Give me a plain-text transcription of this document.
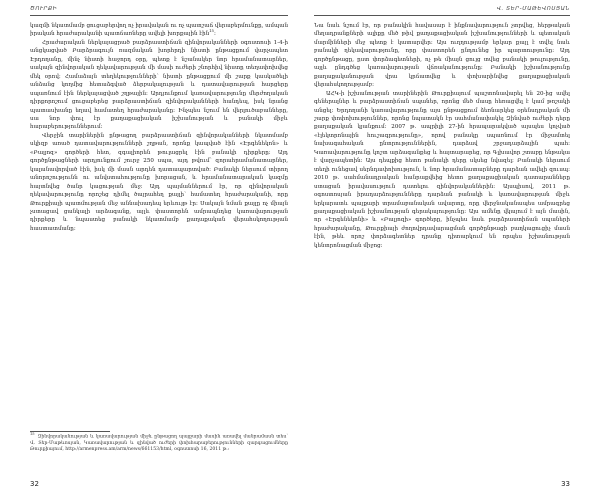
ԾՈՒՐՔԻ

կազմի նկատմամբ ցուցաբերվող ոչ իրավական ու ոչ պատշաճ վերաբերմունքը, ամպան իրական հրաժարականի պատճառները ավելի խորքային էին$^{15}$:

Հրաժարական ներկայացրած բարձրաստիճան զինվորականների օգոստոսի 1-4-ի անցկացված Բարձրագույն ռազմական խորհրդի նիստի ընթացքում վարչապետ Էրդողանը, մինչ նիստի հաջորդ օրը, պետք է նշանակեր նոր հրամանատարներ, սակայն զինվորական ղեկավարության մի մասի ուժերի շնորհիվ նիստը տեղափոխվեց մեկ օրով: Համաձայն տեղեկությունների՝ նիստի ընթացքում մի շարք կասկածելի անձանց կողմից հետաձգված ձերբակալության և դատավարության հարցերը սպառնում էին ներկայացված շղթային: Արդյունքում կառավարությունը մերժողական դիրքորոշում ցուցաբերեց բարձրաստիճան զինվորականների հանդեպ, իսկ նրանց պատասխանը եղավ համատեղ հրաժարականը: Ինչպես նշում են վերլուծաբանները, սա նոր փուլ էր քաղաքացիական իշխանության և բանակի միջև հարաբերություններում:

Վերջին տարիներին ընթացող բարձրաստիճան զինվորականների նկատմամբ սկիզբ առած դատավարությունների շղթան, որոնք կապված էին «Էրգենեկոն» և «Բալյոզ» գործերի հետ, զգալիորեն թուլացրել էին բանակի դիրքերը: Այդ գործընթացների արդյունքում շուրջ 250 սպա, այդ թվում՝ զորահրամանատարներ, կալանավորված էին, իսկ մի մասն արդեն դատապարտված: Բանակի ներսում տիրող անորոշությունն ու անվստահությունը խորացան, և հրամանատարական կազմը հայտնվեց ծանր կացության մեջ: Այդ պայմաններում էր, որ զինվորական ղեկավարությունը որոշեց դիմել ծայրահեղ քայլի՝ համատեղ հրաժարականի, որը Թուրքիայի պատմության մեջ աննախադեպ երևույթ էր: Սակայն նման քայլը ոչ միայն չստացավ ցանկալի արձագանք, այլև փաստորեն ամրապնդեց կառավարության դիրքերը և նպաստեց բանակի նկատմամբ քաղաքական վերահսկողության հաստատմանը:

$^{15}$Զինվորականության և կառավարության միջև ընթացող պայքարի մասին առավել մանրամասն տես՝ Վ. Տեր-Մաթևոսյան, Կառավարության և զինված ուժերի փոխհարաբերությունների զարգացումները Թուրքիայում, http://armenpress.am/arm/news/661153/html, օգոստոսի 16, 2011 թ.:
32
Վ. ՏԵՐ-ՄԱԹԵՎՈՍՅԱՆ

Նա նաև նշում էր, որ բանակին հավասար է ինքնավարություն չտրվեց, հերթական մեղադրանքների ալիքը մեծ թիվ քաղաքացիական իշխանությունների և պետական մարմինների մեջ պետք է կատարվեր: Այս ուղղությամբ երկար քայլ է տվել նաև բանակի ղեկավարությունը, որը փաստորեն ընդունեց իր պարտությունը: Այդ գործընթացը, ըստ փորձագետների, ոչ թե միայն ցույց տվեց բանակի թուլությունը, այլև ընդգծեց կառավարության վճռականությունը: Բանակի իշխանությունը քաղաքականության վրա կրճատվեց և փոխարինվեց քաղաքացիական վերահսկողությամբ:

ԱՀԿ-ի իշխանության տարիներին Թուրքիայում պաշտոնավարել են 20-ից ավել գեներալներ և բարձրաստիճան սպաներ, որոնց մեծ մասը հեռացվել է կամ թոշակի անցել: Երդողանի կառավարությունը այս ընթացքում ձեռնարկեց օրենսդրական մի շարք փոփոխություններ, որոնց նպատակն էր սահմանափակել Զինված ուժերի դերը քաղաքական կյանքում: 2007 թ. ապրիլի 27-ին հրապարակված այսպես կոչված «էլեկտրոնային հուշագրությունը», որով բանակը սպառնում էր միջամտել նախագահական ընտրություններին, դարձավ շրջադարձային պահ: Կառավարությունը կոշտ արձագանքեց և հայտարարեց, որ Գլխավոր շտաբը ենթակա է վարչապետին: Այս դեպքից հետո բանակի դերը սկսեց նվազել: Բանակի ներսում տեղի ունեցավ սերնդափոխություն, և նոր հրամանատարները դարձան ավելի զուսպ: 2010 թ. սահմանադրական հանրաքվեից հետո քաղաքացիական դատարանները ստացան իրավասություն դատելու զինվորականներին: Այսպիսով, 2011 թ. օգոստոսյան իրադարձությունները դարձան բանակի և կառավարության միջև երկարատև պայքարի տրամաբանական ավարտը, որը վերջնականապես ամրագրեց քաղաքացիական իշխանության գերակայությունը: Այս ամենը վկայում է այն մասին, որ «Էրգենեկոնի» և «Բալյոզի» գործերը, ինչպես նաև բարձրաստիճան սպաների հրաժարականը, Թուրքիայի ժողովրդավարացման գործընթացի բաղկացուցիչ մասն էին, թեև որոշ փորձագետներ դրանք դիտարկում են որպես իշխանության կենտրոնացման միջոց:

33
